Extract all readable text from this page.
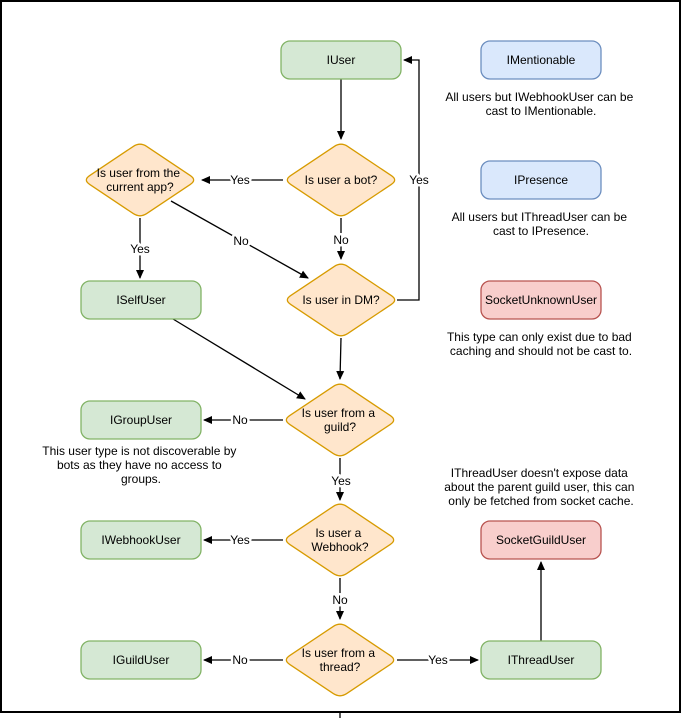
Yes
No
Yes
No
Yes
No
Yes
Yes
No
No	Yes
IUser	IMentionable
IPresence
SocketUnknownUser
ISelfUser
IGroupUser
IWebhookUser
IGuildUser	IThreadUser
SocketGuildUser
Is user a bot?
Is user from the current app?
Is user in DM?
Is user from a guild?
Is user a Webhook?
Is user from a thread?
All users but IWebhookUser can be cast to IMentionable.
All users but IThreadUser can be cast to IPresence.
This type can only exist due to bad caching and should not be cast to.
This user type is not discoverable by bots as they have no access to groups.	IThreadUser doesn't expose data about the parent guild user, this can only be fetched from socket cache.
